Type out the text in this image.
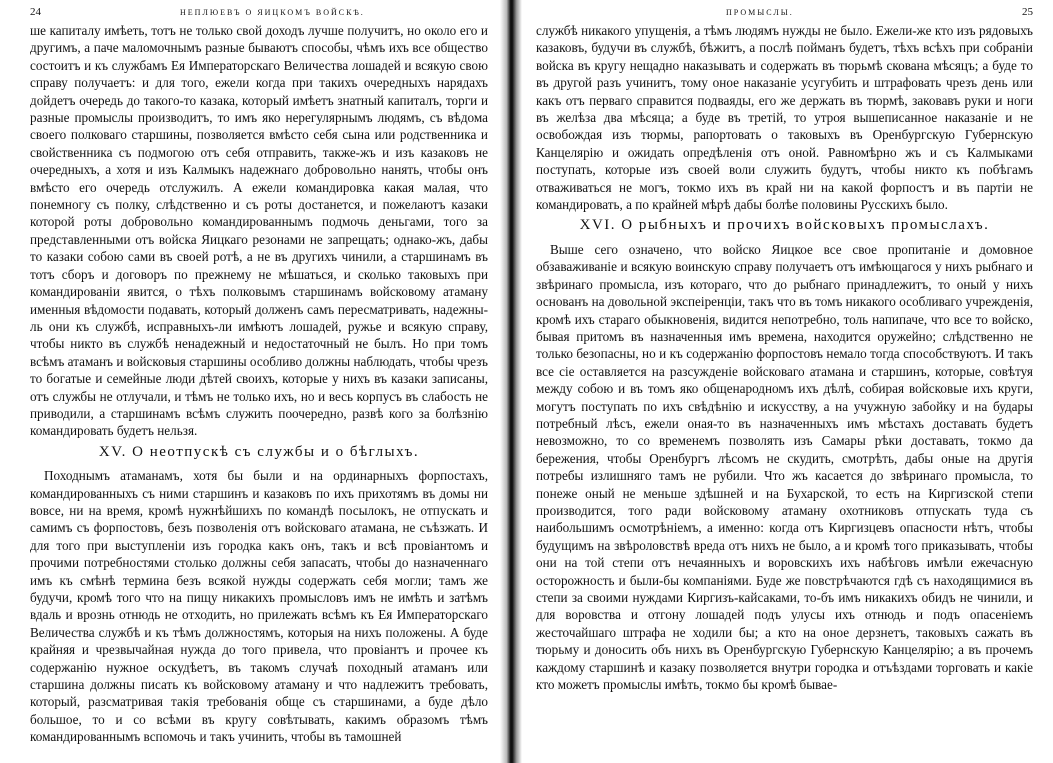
24	НЕПЛЮЕВЪ О ЯИЦКОМЪ ВОЙСКѢ.

ше капиталу имѣеть, тотъ не только свой доходъ лучше получитъ, но около его и другимъ, а паче маломочнымъ разные бываютъ способы, чѣмъ ихъ все общество состоитъ и къ службамъ Ея Императорскаго Величества лошадей и всякую свою справу получаетъ: и для того, ежели когда при такихъ очередныхъ нарядахъ дойдетъ очередь до такого-то казака, который имѣетъ знатный капиталъ, торги и разные промыслы производитъ, то имъ яко нерегулярнымъ людямъ, съ вѣдома своего полковаго старшины, позволяется вмѣсто себя сына или родственника и свойственника съ подмогою отъ себя отправить, также-жъ и изъ казаковъ не очередныхъ, а хотя и изъ Калмыкъ надежнаго добровольно нанять, чтобы онъ вмѣсто его очередь отслужилъ. А ежели командировка какая малая, что понемногу съ полку, слѣдственно и съ роты достанется, и пожелаютъ казаки которой роты добровольно командированнымъ подмочь деньгами, того за представленными отъ войска Яицкаго резонами не запрещать; однако-жъ, дабы то казаки собою сами въ своей ротѣ, а не въ другихъ чинили, а старшинамъ въ тотъ сборъ и договоръ по прежнему не мѣшаться, и сколько таковыхъ при командированіи явится, о тѣхъ полковымъ старшинамъ войсковому атаману именныя вѣдомости подавать, который долженъ самъ пересматривать, надежны-ль они къ службѣ, исправныхъ-ли имѣютъ лошадей, ружье и всякую справу, чтобы никто въ службѣ ненадежный и недостаточный не былъ. Но при томъ всѣмъ атаманъ и войсковыя старшины особливо должны наблюдать, чтобы чрезъ то богатые и семейные люди дѣтей своихъ, которые у нихъ въ казаки записаны, отъ службы не отлучали, и тѣмъ не только ихъ, но и весь корпусъ въ слабость не приводили, а старшинамъ всѣмъ служить поочередно, развѣ кого за болѣзнію командировать будетъ нельзя.

XV. О неотпускѣ съ службы и о бѣглыхъ.

Походнымъ атаманамъ, хотя бы были и на ординарныхъ форпостахъ, командированныхъ съ ними старшинъ и казаковъ по ихъ прихотямъ въ домы ни вовсе, ни на время, кромѣ нужнѣйшихъ по командѣ посылокъ, не отпускать и самимъ съ форпостовъ, безъ позволенія отъ войсковаго атамана, не съѣзжать. И для того при выступленіи изъ городка какъ онъ, такъ и всѣ провіантомъ и прочими потребностями столько должны себя запасать, чтобы до назначеннаго имъ къ смѣнѣ термина безъ всякой нужды содержать себя могли; тамъ же будучи, кромѣ того что на пищу никакихъ промысловъ имъ не имѣть и затѣмъ вдаль и врознь отнюдь не отходить, но прилежать всѣмъ къ Ея Императорскаго Величества службѣ и къ тѣмъ должностямъ, которыя на нихъ положены. А буде крайняя и чрезвычайная нужда до того привела, что провіантъ и прочее къ содержанію нужное оскудѣетъ, въ такомъ случаѣ походный атаманъ или старшина должны писать къ войсковому атаману и что надлежитъ требовать, который, разсматривая такія требованія обще съ старшинами, а буде дѣло большое, то и со всѣми въ кругу совѣтывать, какимъ образомъ тѣмъ командированнымъ вспомочь и такъ учинить, чтобы въ тамошней

ПРОМЫСЛЫ.	25

службѣ никакого упущенія, а тѣмъ людямъ нужды не было. Ежели-же кто изъ рядовыхъ казаковъ, будучи въ службѣ, бѣжитъ, а послѣ пойманъ будетъ, тѣхъ всѣхъ при собраніи войска въ кругу нещадно наказывать и содержать въ тюрьмѣ скована мѣсяцъ; а буде то въ другой разъ учинитъ, тому оное наказаніе усугубить и штрафовать чрезъ день или какъ отъ перваго справится подваяды, его же держать въ тюрмѣ, заковавъ руки и ноги въ желѣза два мѣсяца; а буде въ третій, то утроя вышеписанное наказаніе и не освобождая изъ тюрмы, рапортовать о таковыхъ въ Оренбургскую Губернскую Канцелярію и ожидать опредѣленія отъ оной. Равномѣрно жъ и съ Калмыками поступать, которые изъ своей воли служить будутъ, чтобы никто къ побѣгамъ отваживаться не могъ, токмо ихъ въ край ни на какой форпостъ и въ партіи не командировать, а по крайней мѣрѣ дабы болѣе половины Русскихъ было.

XVI. О рыбныхъ и прочихъ войсковыхъ промыслахъ.

Выше сего означено, что войско Яицкое все свое пропитаніе и домовное обзаваживаніе и всякую воинскую справу получаетъ отъ имѣющагося у нихъ рыбнаго и звѣринаго промысла, изъ котораго, что до рыбнаго принадлежитъ, то оный у нихъ основанъ на довольной экспеіренціи, такъ что въ томъ никакого особливаго учрежденія, кромѣ ихъ стараго обыкновенія, видится непотребно, толь напипаче, что все то войско, бывая притомъ въ назначенныя имъ времена, находится оружейно; слѣдственно не только безопасны, но и къ содержанію форпостовъ немало тогда способствуютъ. И такъ все сіе оставляется на разсужденіе войсковаго атамана и старшинъ, которые, совѣтуя между собою и въ томъ яко общенародномъ ихъ дѣлѣ, собирая войсковые ихъ круги, могутъ поступать по ихъ свѣдѣнію и искусству, а на учужную забойку и на будары потребный лѣсъ, ежели оная-то въ назначенныхъ имъ мѣстахъ доставать будетъ невозможно, то со временемъ позволять изъ Самары рѣки доставать, токмо да бережения, чтобы Оренбургъ лѣсомъ не скудить, смотрѣть, дабы оные на другія потребы излишняго тамъ не рубили. Что жъ касается до звѣринаго промысла, то понеже оный не меньше здѣшней и на Бухарской, то есть на Киргизской степи производится, того ради войсковому атаману охотниковъ отпускать туда съ наибольшимъ осмотрѣніемъ, а именно: когда отъ Киргизцевъ опасности нѣтъ, чтобы будущимъ на звѣроловствѣ вреда отъ нихъ не было, а и кромѣ того приказывать, чтобы они на той степи отъ нечаянныхъ и воровскихъ ихъ набѣговъ имѣли ежечасную осторожность и были-бы компаніями. Буде же повстрѣчаются гдѣ съ находящимися въ степи за своими нуждами Киргизъ-кайсаками, то-бъ имъ никакихъ обидъ не чинили, и для воровства и отгону лошадей подъ улусы ихъ отнюдь и подъ опасеніемъ жесточайшаго штрафа не ходили бы; а кто на оное дерзнетъ, таковыхъ сажать въ тюрьму и доносить объ нихъ въ Оренбургскую Губернскую Канцелярію; а въ прочемъ каждому старшинѣ и казаку позволяется внутри городка и отъѣздами торговать и какіе кто можетъ промыслы имѣть, токмо бы кромѣ бывае-
